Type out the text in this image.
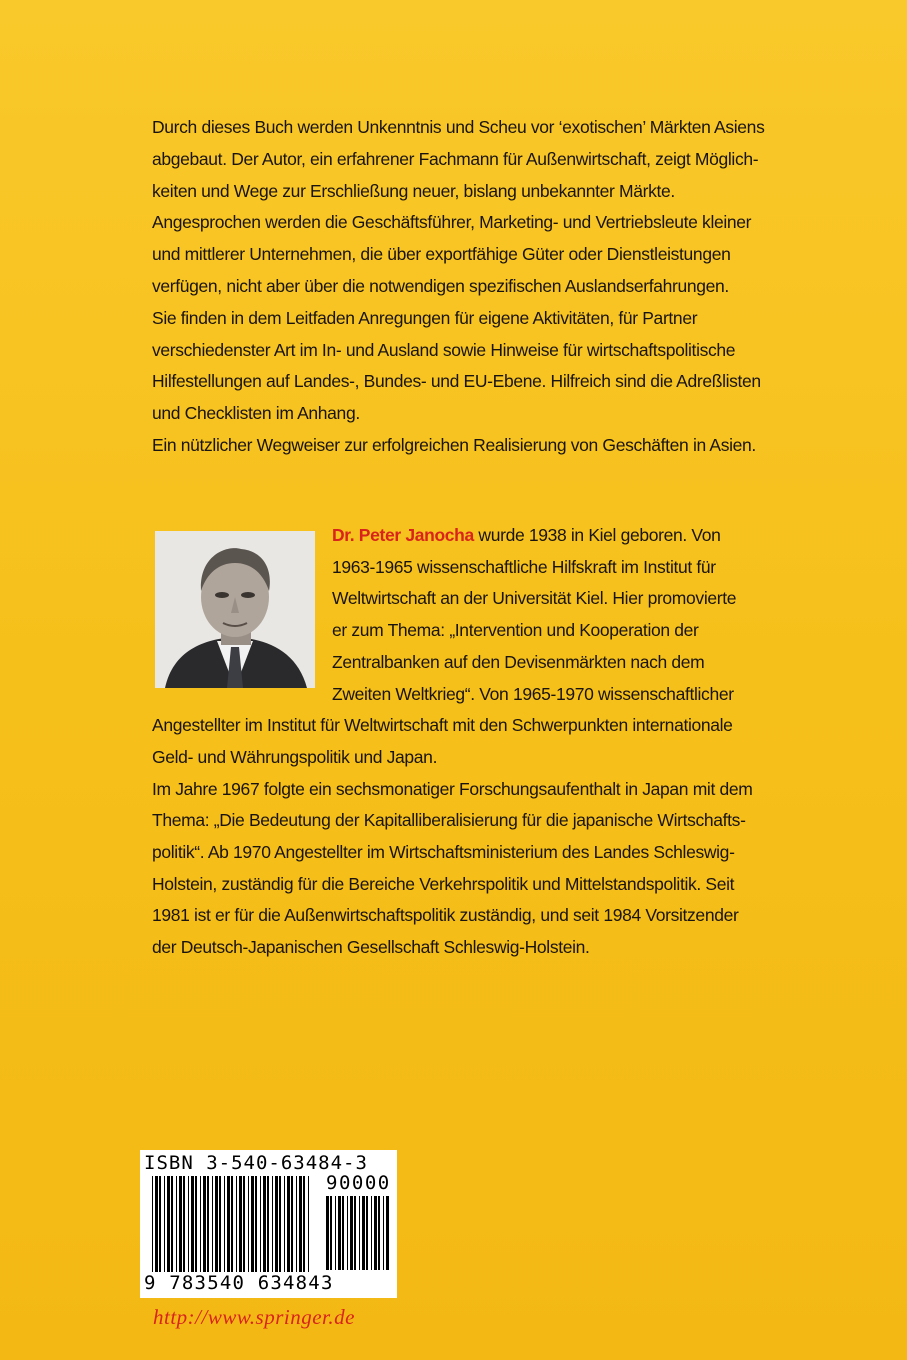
Durch dieses Buch werden Unkenntnis und Scheu vor ‘exotischen’ Märkten Asiens

abgebaut. Der Autor, ein erfahrener Fachmann für Außenwirtschaft, zeigt Möglich-

keiten und Wege zur Erschließung neuer, bislang unbekannter Märkte.

Angesprochen werden die Geschäftsführer, Marketing- und Vertriebsleute kleiner

und mittlerer Unternehmen, die über exportfähige Güter oder Dienstleistungen

verfügen, nicht aber über die notwendigen spezifischen Auslandserfahrungen.

Sie finden in dem Leitfaden Anregungen für eigene Aktivitäten, für Partner

verschiedenster Art im In- und Ausland sowie Hinweise für wirtschaftspolitische

Hilfestellungen auf Landes-, Bundes- und EU-Ebene. Hilfreich sind die Adreßlisten

und Checklisten im Anhang.

Ein nützlicher Wegweiser zur erfolgreichen Realisierung von Geschäften in Asien.

Dr. Peter Janocha wurde 1938 in Kiel geboren. Von

1963-1965 wissenschaftliche Hilfskraft im Institut für

Weltwirtschaft an der Universität Kiel. Hier promovierte

er zum Thema: „Intervention und Kooperation der

Zentralbanken auf den Devisenmärkten nach dem

Zweiten Weltkrieg“. Von 1965-1970 wissenschaftlicher

Angestellter im Institut für Weltwirtschaft mit den Schwerpunkten internationale

Geld- und Währungspolitik und Japan.

Im Jahre 1967 folgte ein sechsmonatiger Forschungsaufenthalt in Japan mit dem

Thema: „Die Bedeutung der Kapitalliberalisierung für die japanische Wirtschafts-

politik“. Ab 1970 Angestellter im Wirtschaftsministerium des Landes Schleswig-

Holstein, zuständig für die Bereiche Verkehrspolitik und Mittelstandspolitik. Seit

1981 ist er für die Außenwirtschaftspolitik zuständig, und seit 1984 Vorsitzender

der Deutsch-Japanischen Gesellschaft Schleswig-Holstein.

ISBN 3-540-63484-3
90000
9 783540 634843
http://www.springer.de
